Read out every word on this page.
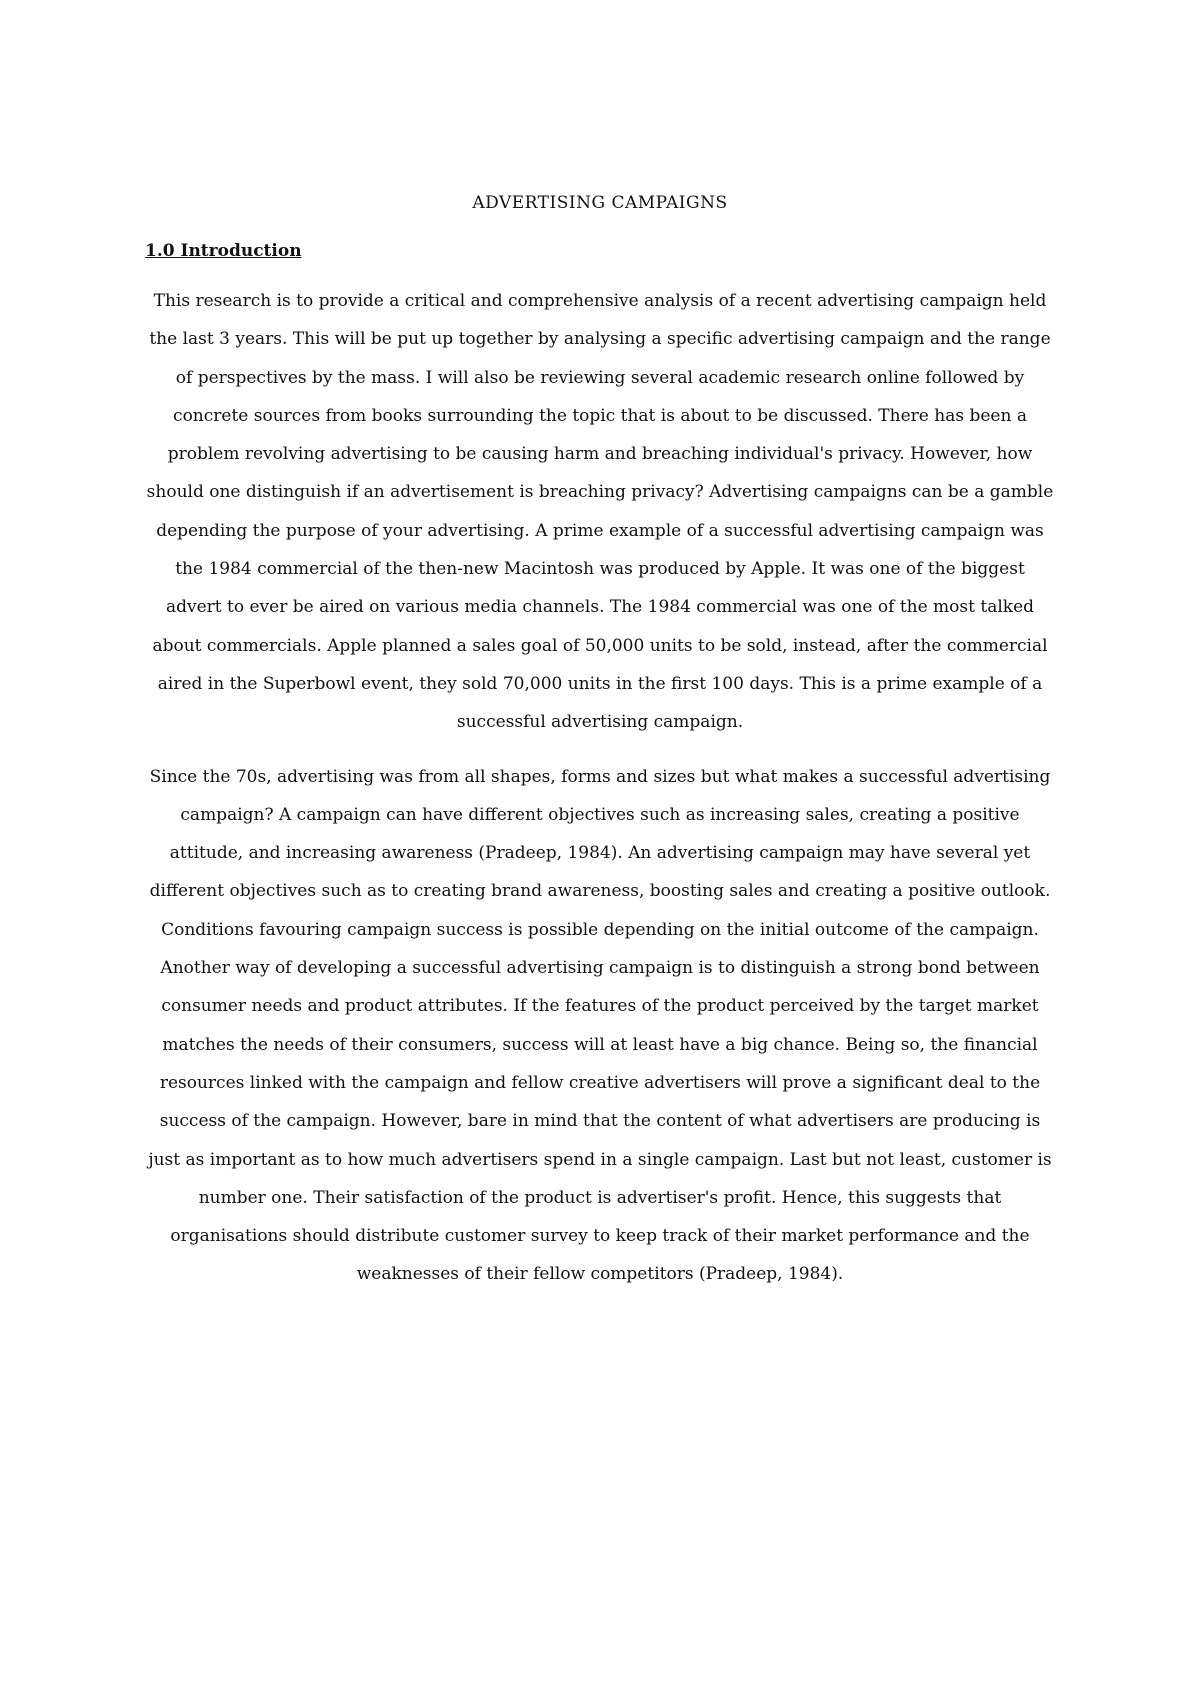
ADVERTISING CAMPAIGNS
1.0 Introduction

This research is to provide a critical and comprehensive analysis of a recent advertising campaign held the last 3 years. This will be put up together by analysing a specific advertising campaign and the range of perspectives by the mass. I will also be reviewing several academic research online followed by concrete sources from books surrounding the topic that is about to be discussed. There has been a problem revolving advertising to be causing harm and breaching individual's privacy. However, how should one distinguish if an advertisement is breaching privacy? Advertising campaigns can be a gamble depending the purpose of your advertising. A prime example of a successful advertising campaign was the 1984 commercial of the then-new Macintosh was produced by Apple. It was one of the biggest advert to ever be aired on various media channels. The 1984 commercial was one of the most talked about commercials. Apple planned a sales goal of 50,000 units to be sold, instead, after the commercial aired in the Superbowl event, they sold 70,000 units in the first 100 days. This is a prime example of a successful advertising campaign.

Since the 70s, advertising was from all shapes, forms and sizes but what makes a successful advertising campaign? A campaign can have different objectives such as increasing sales, creating a positive attitude, and increasing awareness (Pradeep, 1984). An advertising campaign may have several yet different objectives such as to creating brand awareness, boosting sales and creating a positive outlook. Conditions favouring campaign success is possible depending on the initial outcome of the campaign. Another way of developing a successful advertising campaign is to distinguish a strong bond between consumer needs and product attributes. If the features of the product perceived by the target market matches the needs of their consumers, success will at least have a big chance. Being so, the financial resources linked with the campaign and fellow creative advertisers will prove a significant deal to the success of the campaign. However, bare in mind that the content of what advertisers are producing is just as important as to how much advertisers spend in a single campaign. Last but not least, customer is number one. Their satisfaction of the product is advertiser's profit. Hence, this suggests that organisations should distribute customer survey to keep track of their market performance and the weaknesses of their fellow competitors (Pradeep, 1984).
